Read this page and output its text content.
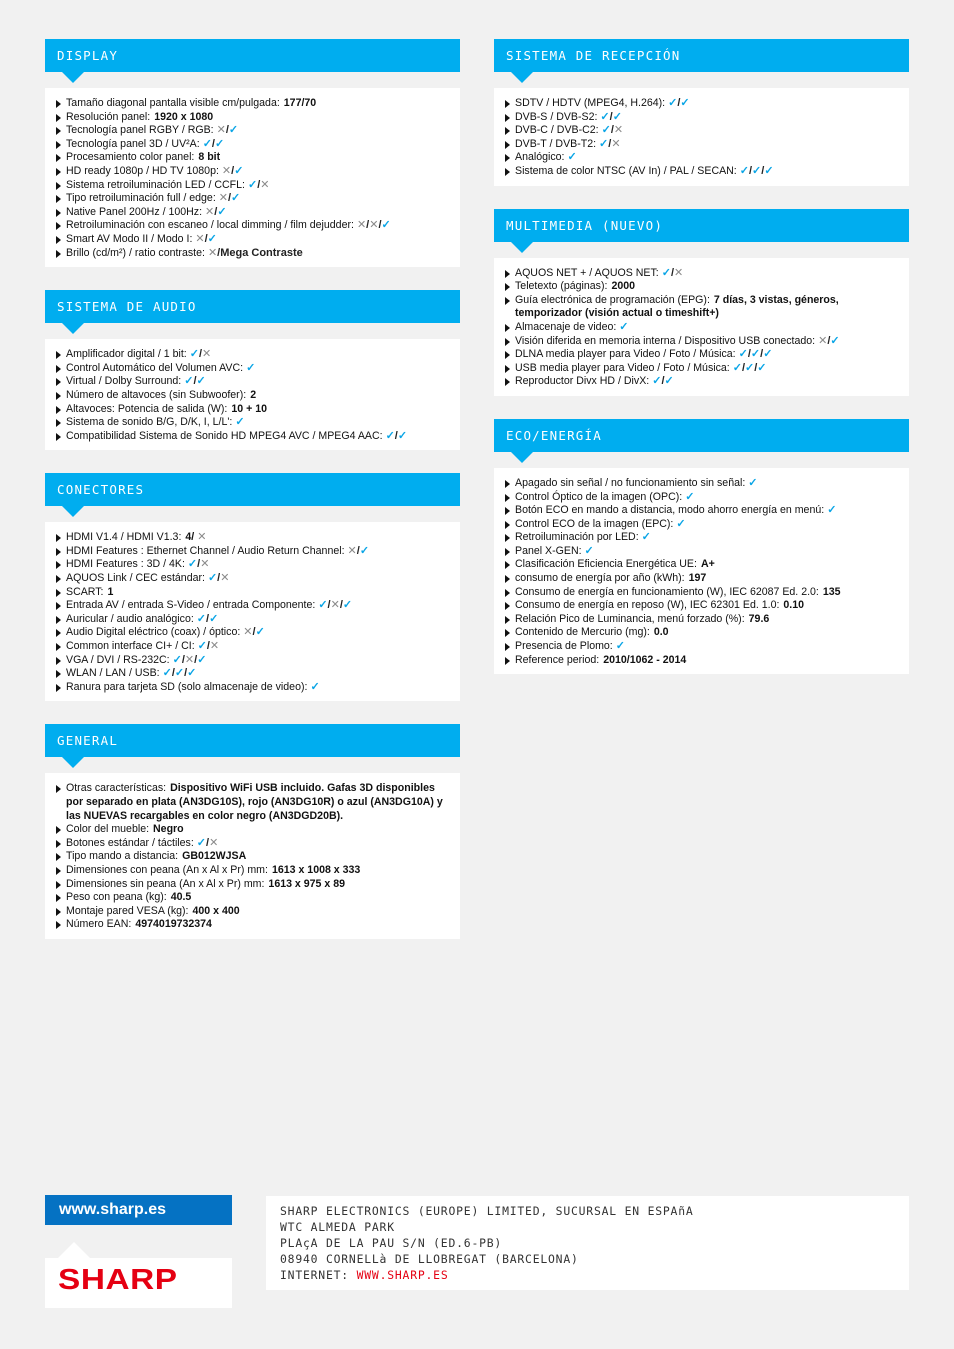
DISPLAY
Tamaño diagonal pantalla visible cm/pulgada: 177/70
Resolución panel: 1920 x 1080
Tecnología panel RGBY / RGB: ✕/✓
Tecnología panel 3D / UV²A: ✓/✓
Procesamiento color panel: 8 bit
HD ready 1080p / HD TV 1080p: ✕/✓
Sistema retroiluminación LED / CCFL: ✓/✕
Tipo retroiluminación full / edge: ✕/✓
Native Panel 200Hz / 100Hz: ✕/✓
Retroiluminación con escaneo / local dimming / film dejudder: ✕/✕/✓
Smart AV Modo II / Modo I: ✕/✓
Brillo (cd/m²) / ratio contraste: ✕/Mega Contraste
SISTEMA DE AUDIO
Amplificador digital / 1 bit: ✓/✕
Control Automático del Volumen AVC: ✓
Virtual / Dolby Surround: ✓/✓
Número de altavoces (sin Subwoofer): 2
Altavoces: Potencia de salida (W): 10 + 10
Sistema de sonido B/G, D/K, I, L/L': ✓
Compatibilidad Sistema de Sonido HD MPEG4 AVC / MPEG4 AAC: ✓/✓
CONECTORES
HDMI V1.4 / HDMI V1.3: 4/ ✕
HDMI Features : Ethernet Channel / Audio Return Channel: ✕/✓
HDMI Features : 3D / 4K: ✓/✕
AQUOS Link / CEC estándar: ✓/✕
SCART: 1
Entrada AV / entrada S-Video / entrada Componente: ✓/✕/✓
Auricular / audio analógico: ✓/✓
Audio Digital eléctrico (coax) / óptico: ✕/✓
Common interface CI+ / CI: ✓/✕
VGA / DVI / RS-232C: ✓/✕/✓
WLAN / LAN / USB: ✓/✓/✓
Ranura para tarjeta SD (solo almacenaje de video): ✓
GENERAL
Otras características: Dispositivo WiFi USB incluido. Gafas 3D disponibles por separado en plata (AN3DG10S), rojo (AN3DG10R) o azul (AN3DG10A) y las NUEVAS recargables en color negro (AN3DGD20B).
Color del mueble: Negro
Botones estándar / táctiles: ✓/✕
Tipo mando a distancia: GB012WJSA
Dimensiones con peana (An x Al x Pr) mm: 1613 x 1008 x 333
Dimensiones sin peana (An x Al x Pr) mm: 1613 x 975 x 89
Peso con peana (kg): 40.5
Montaje pared VESA (kg): 400 x 400
Número EAN: 4974019732374
SISTEMA DE RECEPCIÓN
SDTV / HDTV (MPEG4, H.264): ✓/✓
DVB-S / DVB-S2: ✓/✓
DVB-C / DVB-C2: ✓/✕
DVB-T / DVB-T2: ✓/✕
Analógico: ✓
Sistema de color NTSC (AV In) / PAL / SECAN: ✓/✓/✓
MULTIMEDIA (NUEVO)
AQUOS NET + / AQUOS NET: ✓/✕
Teletexto (páginas): 2000
Guía electrónica de programación (EPG): 7 días, 3 vistas, géneros, temporizador (visión actual o timeshift+)
Almacenaje de video: ✓
Visión diferida en memoria interna / Dispositivo USB conectado: ✕/✓
DLNA media player para Video / Foto / Música: ✓/✓/✓
USB media player para Video / Foto / Música: ✓/✓/✓
Reproductor Divx HD / DivX: ✓/✓
ECO/ENERGÍA
Apagado sin señal / no funcionamiento sin señal: ✓
Control Óptico de la imagen (OPC): ✓
Botón ECO en mando a distancia, modo ahorro energía en menú: ✓
Control ECO de la imagen (EPC): ✓
Retroiluminación por LED: ✓
Panel X-GEN: ✓
Clasificación Eficiencia Energética UE: A+
consumo de energía por año (kWh): 197
Consumo de energía en funcionamiento (W), IEC 62087 Ed. 2.0: 135
Consumo de energía en reposo (W), IEC 62301 Ed. 1.0: 0.10
Relación Pico de Luminancia, menú forzado (%): 79.6
Contenido de Mercurio (mg): 0.0
Presencia de Plomo: ✓
Reference period: 2010/1062 - 2014
www.sharp.es
SHARP
SHARP ELECTRONICS (EUROPE) LIMITED, SUCURSAL EN ESPAñA
WTC ALMEDA PARK
PLAçA DE LA PAU S/N (ED.6-PB)
08940 CORNELLà DE LLOBREGAT (BARCELONA)
INTERNET: WWW.SHARP.ES
